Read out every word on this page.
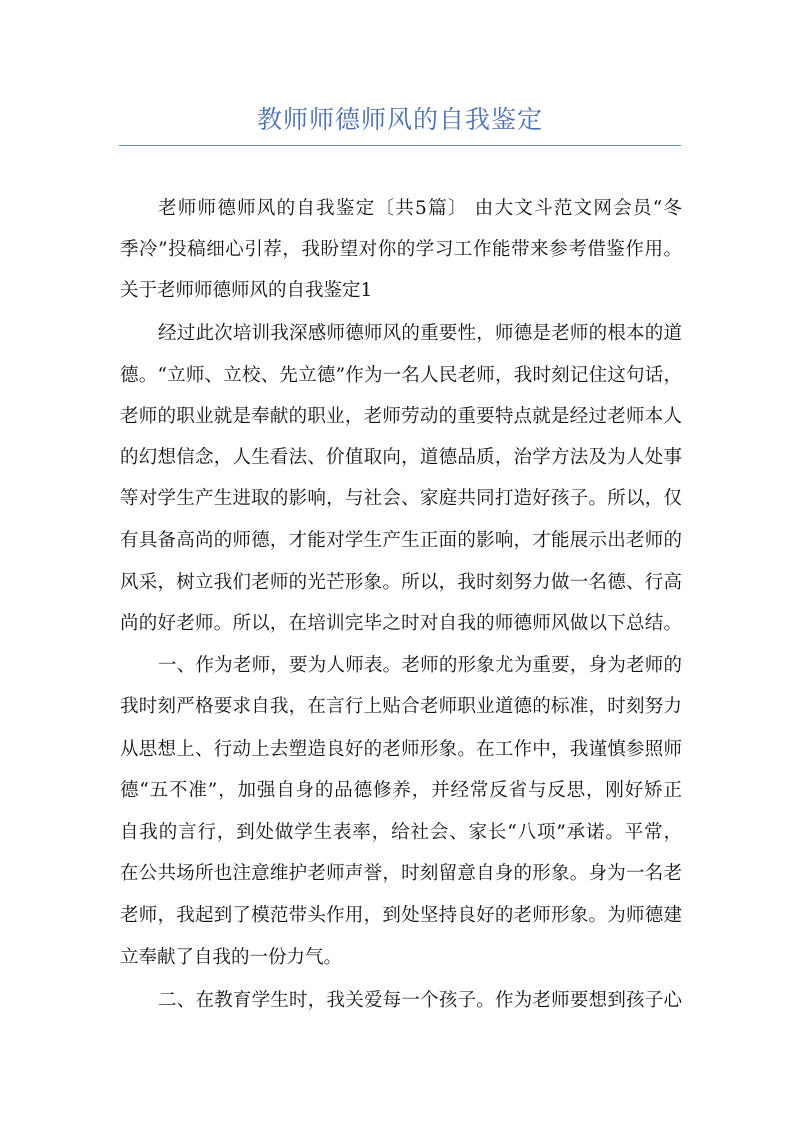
教师师德师风的自我鉴定
老师师德师风的自我鉴定〔共5篇〕 由大文斗范文网会员“冬
季冷”投稿细心引荐，我盼望对你的学习工作能带来参考借鉴作用。
关于老师师德师风的自我鉴定1
经过此次培训我深感师德师风的重要性，师德是老师的根本的道
德。“立师、立校、先立德”作为一名人民老师，我时刻记住这句话，
老师的职业就是奉献的职业，老师劳动的重要特点就是经过老师本人
的幻想信念，人生看法、价值取向，道德品质，治学方法及为人处事
等对学生产生进取的影响，与社会、家庭共同打造好孩子。所以，仅
有具备高尚的师德，才能对学生产生正面的影响，才能展示出老师的
风采，树立我们老师的光芒形象。所以，我时刻努力做一名德、行高
尚的好老师。所以，在培训完毕之时对自我的师德师风做以下总结。
一、作为老师，要为人师表。老师的形象尤为重要，身为老师的
我时刻严格要求自我，在言行上贴合老师职业道德的标准，时刻努力
从思想上、行动上去塑造良好的老师形象。在工作中，我谨慎参照师
德“五不准”，加强自身的品德修养，并经常反省与反思，刚好矫正
自我的言行，到处做学生表率，给社会、家长“八项”承诺。平常，
在公共场所也注意维护老师声誉，时刻留意自身的形象。身为一名老
老师，我起到了模范带头作用，到处坚持良好的老师形象。为师德建
立奉献了自我的一份力气。
二、在教育学生时，我关爱每一个孩子。作为老师要想到孩子心
